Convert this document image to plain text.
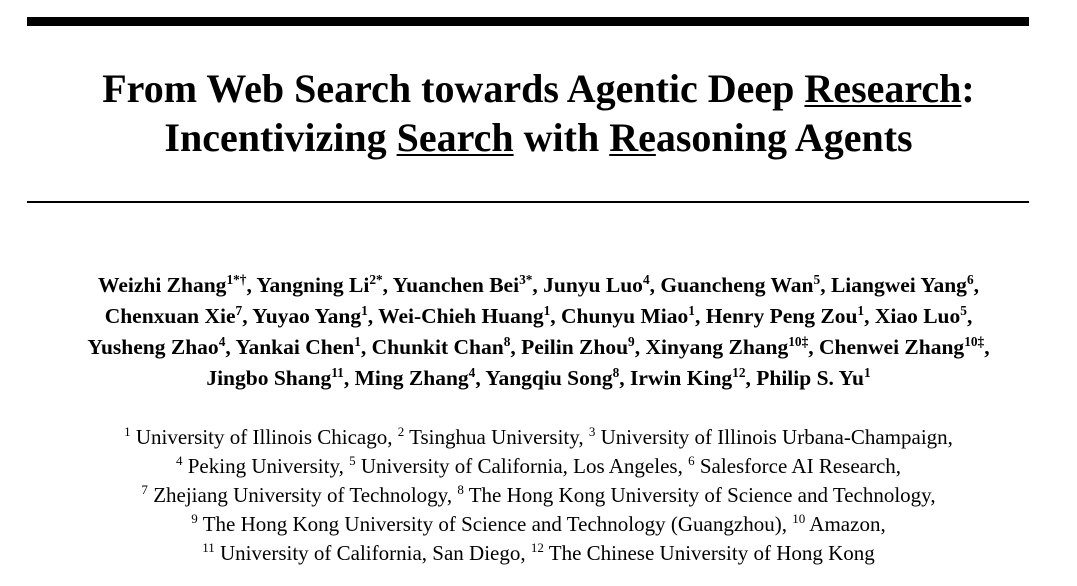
From Web Search towards Agentic Deep Research:
Incentivizing Search with Reasoning Agents
Weizhi Zhang$^{1*\dagger}$, Yangning $Li^{2*}$, Yuanchen Bei$^{3*}$, Junyu Luo$^4$, Guancheng Wan$^5$, Liangwei Yang$^6$,
Chenxuan Xie$^7$, Yuyao Yang$^1$, Wei-Chieh Huang$^1$, Chunyu Miao$^1$, Henry Peng Zou$^1$, Xiao Luo$^5$,
Yusheng Zhao$^4$, Yankai Chen$^1$, Chunkit Chan$^8$, Peilin Zhou$^9$, Xinyang Zhang$^{10\ddagger}$, Chenwei Zhang$^{10\ddagger}$,
Jingbo Shang$^{11}$, Ming Zhang$^4$, Yangqiu Song$^8$, Irwin King$^{12}$, Philip S. Yu$^1$
$^1$ University of Illinois Chicago, $^2$ Tsinghua University, $^3$ University of Illinois Urbana-Champaign,
$^4$ Peking University, $^5$ University of California, Los Angeles, $^6$ Salesforce AI Research,
$^7$ Zhejiang University of Technology, $^8$ The Hong Kong University of Science and Technology,
$^9$ The Hong Kong University of Science and Technology (Guangzhou), $^{10}$ Amazon,
$^{11}$ University of California, San Diego, $^{12}$ The Chinese University of Hong Kong
